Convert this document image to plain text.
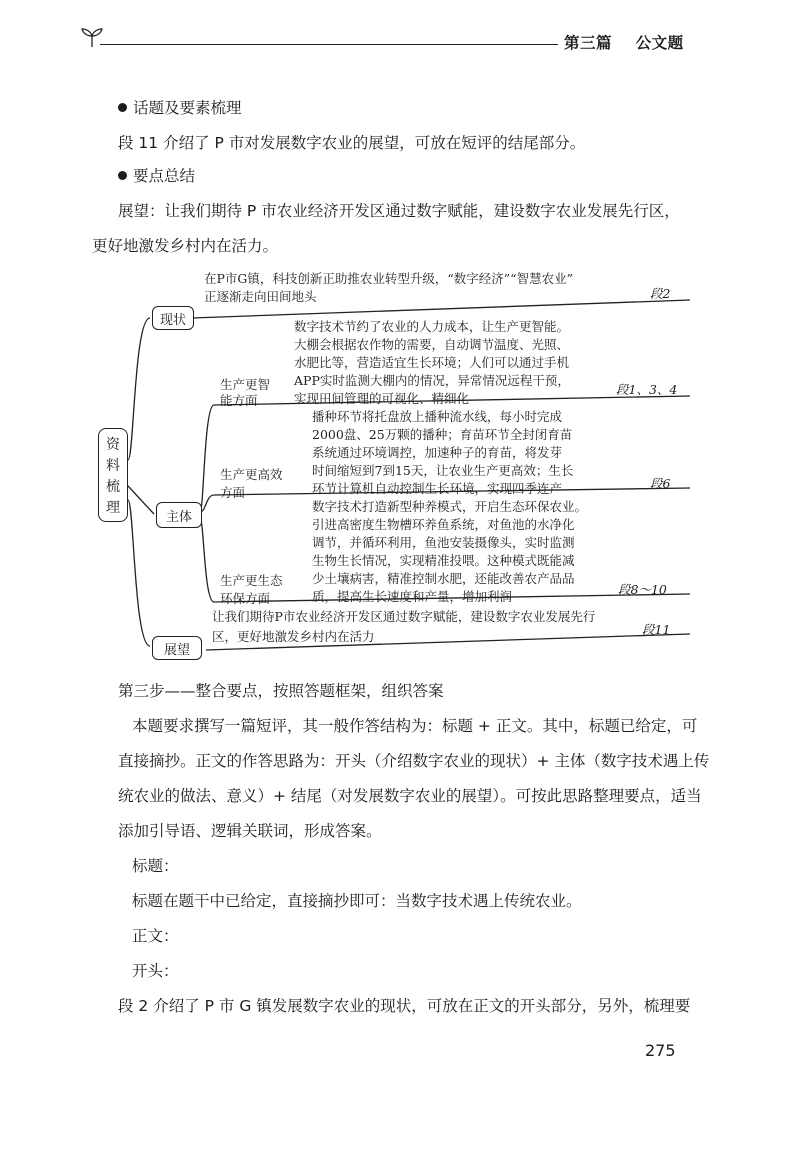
第三篇 公文题
话题及要素梳理
段 11 介绍了 P 市对发展数字农业的展望，可放在短评的结尾部分。
要点总结
展望：让我们期待 P 市农业经济开发区通过数字赋能，建设数字农业发展先行区，
更好地激发乡村内在活力。
资
料
梳
理
现状
在P市G镇，科技创新正助推农业转型升级，“数字经济”“智慧农业”
正逐渐走向田间地头	段2
主体
生产更智
能方面
数字技术节约了农业的人力成本，让生产更智能。
大棚会根据农作物的需要，自动调节温度、光照、
水肥比等，营造适宜生长环境；人们可以通过手机
APP实时监测大棚内的情况，异常情况远程干预，
实现田间管理的可视化、精细化
段1、3、4
生产更高效
方面
播种环节将托盘放上播种流水线，每小时完成
2000盘、25万颗的播种；育苗环节全封闭育苗
系统通过环境调控，加速种子的育苗，将发芽
时间缩短到7到15天，让农业生产更高效；生长
环节计算机自动控制生长环境，实现四季连产	段6
生产更生态
环保方面
数字技术打造新型种养模式，开启生态环保农业。
引进高密度生物槽环养鱼系统，对鱼池的水净化
调节，并循环利用，鱼池安装摄像头，实时监测
生物生长情况，实现精准投喂。这种模式既能减
少土壤病害，精准控制水肥，还能改善农产品品
质，提高生长速度和产量，增加利润	段8～10
展望
让我们期待P市农业经济开发区通过数字赋能，建设数字农业发展先行
区，更好地激发乡村内在活力	段11
第三步——整合要点，按照答题框架，组织答案
本题要求撰写一篇短评，其一般作答结构为：标题 + 正文。其中，标题已给定，可
直接摘抄。正文的作答思路为：开头（介绍数字农业的现状）+ 主体（数字技术遇上传
统农业的做法、意义）+ 结尾（对发展数字农业的展望）。可按此思路整理要点，适当
添加引导语、逻辑关联词，形成答案。
标题：
标题在题干中已给定，直接摘抄即可：当数字技术遇上传统农业。
正文：
开头：
段 2 介绍了 P 市 G 镇发展数字农业的现状，可放在正文的开头部分，另外，梳理要
275
